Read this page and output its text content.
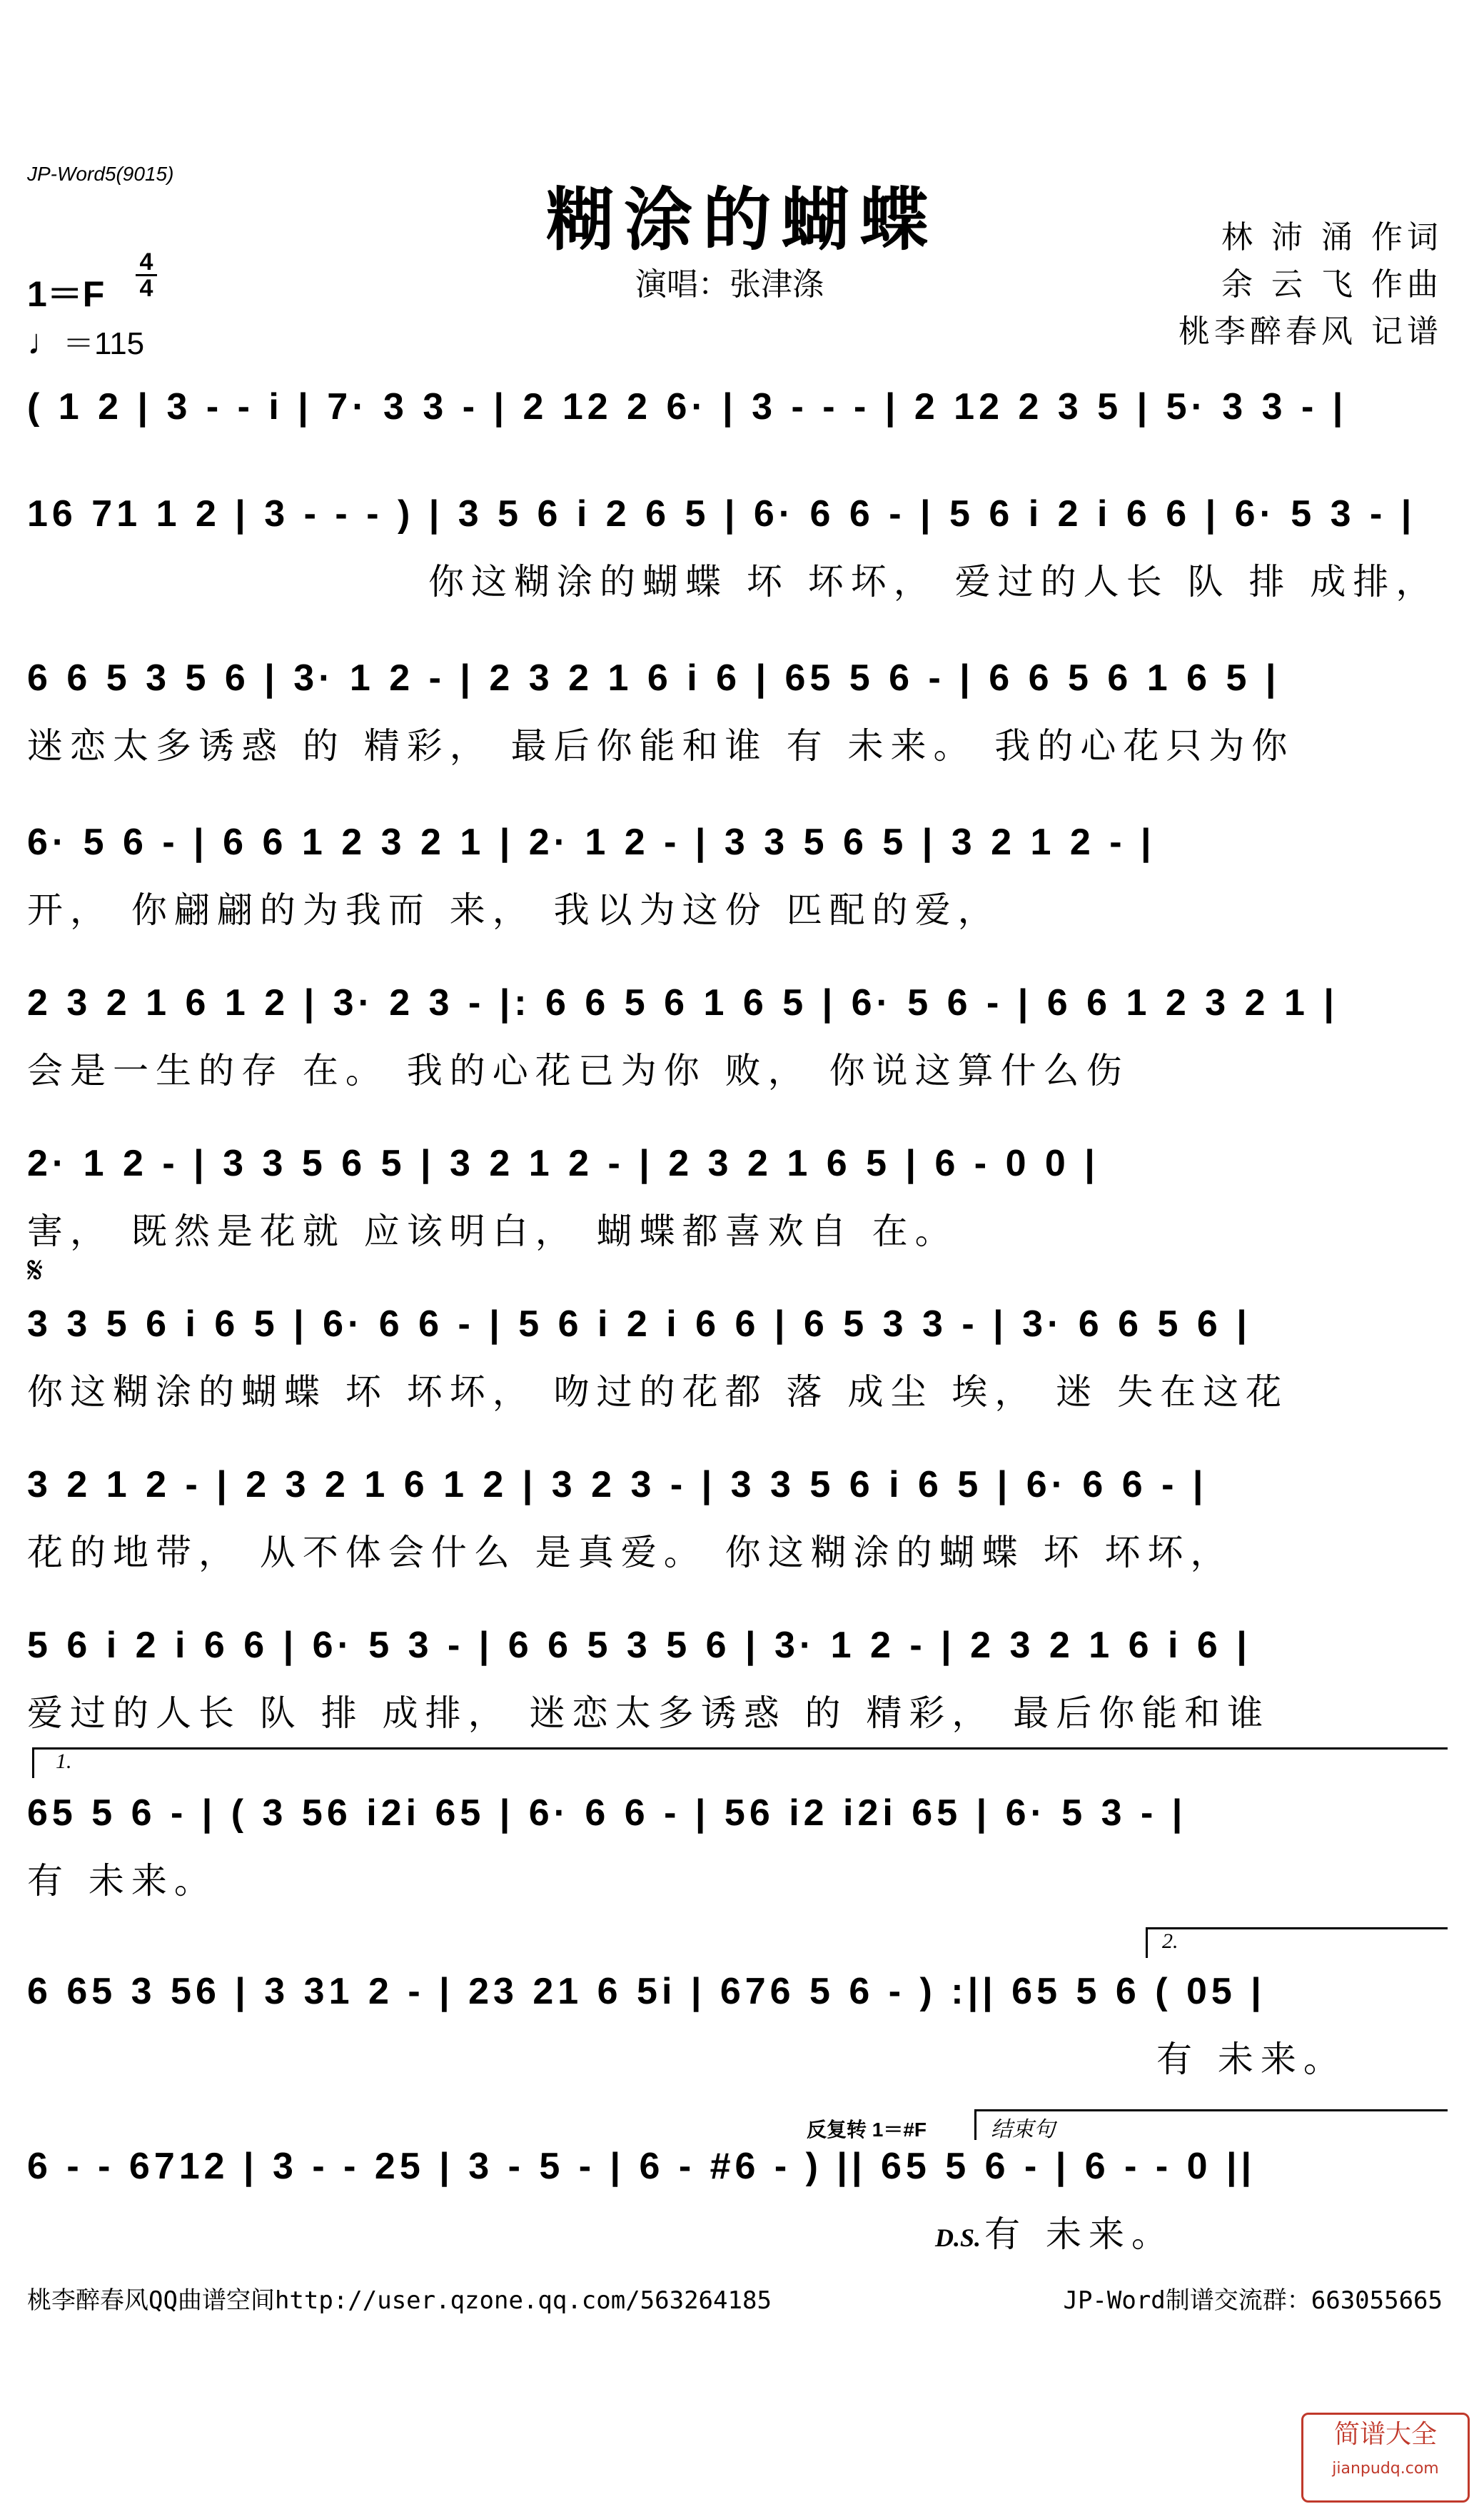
JP-Word5(9015)
糊涂的蝴蝶
演唱：张津涤
林 沛 涌 作词
余 云 飞 作曲
桃李醉春风 记谱
1＝F
4
4
♩＝115
( 1 2 | 3 - - i | 7· 3 3 - | 2 12 2 6· | 3 - - - | 2 12 2 3 5 | 5· 3 3 - |
16 71 1 2 | 3 - - - ) | 3 5 6 i 2 6 5 | 6· 6 6 - | 5 6 i 2 i 6 6 | 6· 5 3 - |
你这糊涂的蝴蝶 坏 坏坏， 爱过的人长 队 排 成排，
6 6 5 3 5 6 | 3· 1 2 - | 2 3 2 1 6 i 6 | 65 5 6 - | 6 6 5 6 1 6 5 |
迷恋太多诱惑 的 精彩， 最后你能和谁 有 未来。 我的心花只为你
6· 5 6 - | 6 6 1 2 3 2 1 | 2· 1 2 - | 3 3 5 6 5 | 3 2 1 2 - |
开， 你翩翩的为我而 来， 我以为这份 匹配的爱，
2 3 2 1 6 1 2 | 3· 2 3 - |: 6 6 5 6 1 6 5 | 6· 5 6 - | 6 6 1 2 3 2 1 |
会是一生的存 在。 我的心花已为你 败， 你说这算什么伤
2· 1 2 - | 3 3 5 6 5 | 3 2 1 2 - | 2 3 2 1 6 5 | 6 - 0 0 |
害， 既然是花就 应该明白， 蝴蝶都喜欢自 在。
𝄋
3 3 5 6 i 6 5 | 6· 6 6 - | 5 6 i 2 i 6 6 | 6 5 3 3 - | 3· 6 6 5 6 |
你这糊涂的蝴蝶 坏 坏坏， 吻过的花都 落 成尘 埃， 迷 失在这花
3 2 1 2 - | 2 3 2 1 6 1 2 | 3 2 3 - | 3 3 5 6 i 6 5 | 6· 6 6 - |
花的地带， 从不体会什么 是真爱。 你这糊涂的蝴蝶 坏 坏坏，
5 6 i 2 i 6 6 | 6· 5 3 - | 6 6 5 3 5 6 | 3· 1 2 - | 2 3 2 1 6 i 6 |
爱过的人长 队 排 成排， 迷恋太多诱惑 的 精彩， 最后你能和谁
1.
65 5 6 - | ( 3 56 i2i 65 | 6· 6 6 - | 56 i2 i2i 65 | 6· 5 3 - |
有 未来。
2.
6 65 3 56 | 3 31 2 - | 23 21 6 5i | 676 5 6 - ) :|| 65 5 6 ( 05 |
有 未来。
反复转 1＝#F	结束句
6 - - 6712 | 3 - - 25 | 3 - 5 - | 6 - #6 - ) || 65 5 6 - | 6 - - 0 ||
D.S. 有 未来。
桃李醉春风QQ曲谱空间http://user.qzone.qq.com/563264185	JP-Word制谱交流群：663055665
简谱大全
jianpudq.com
